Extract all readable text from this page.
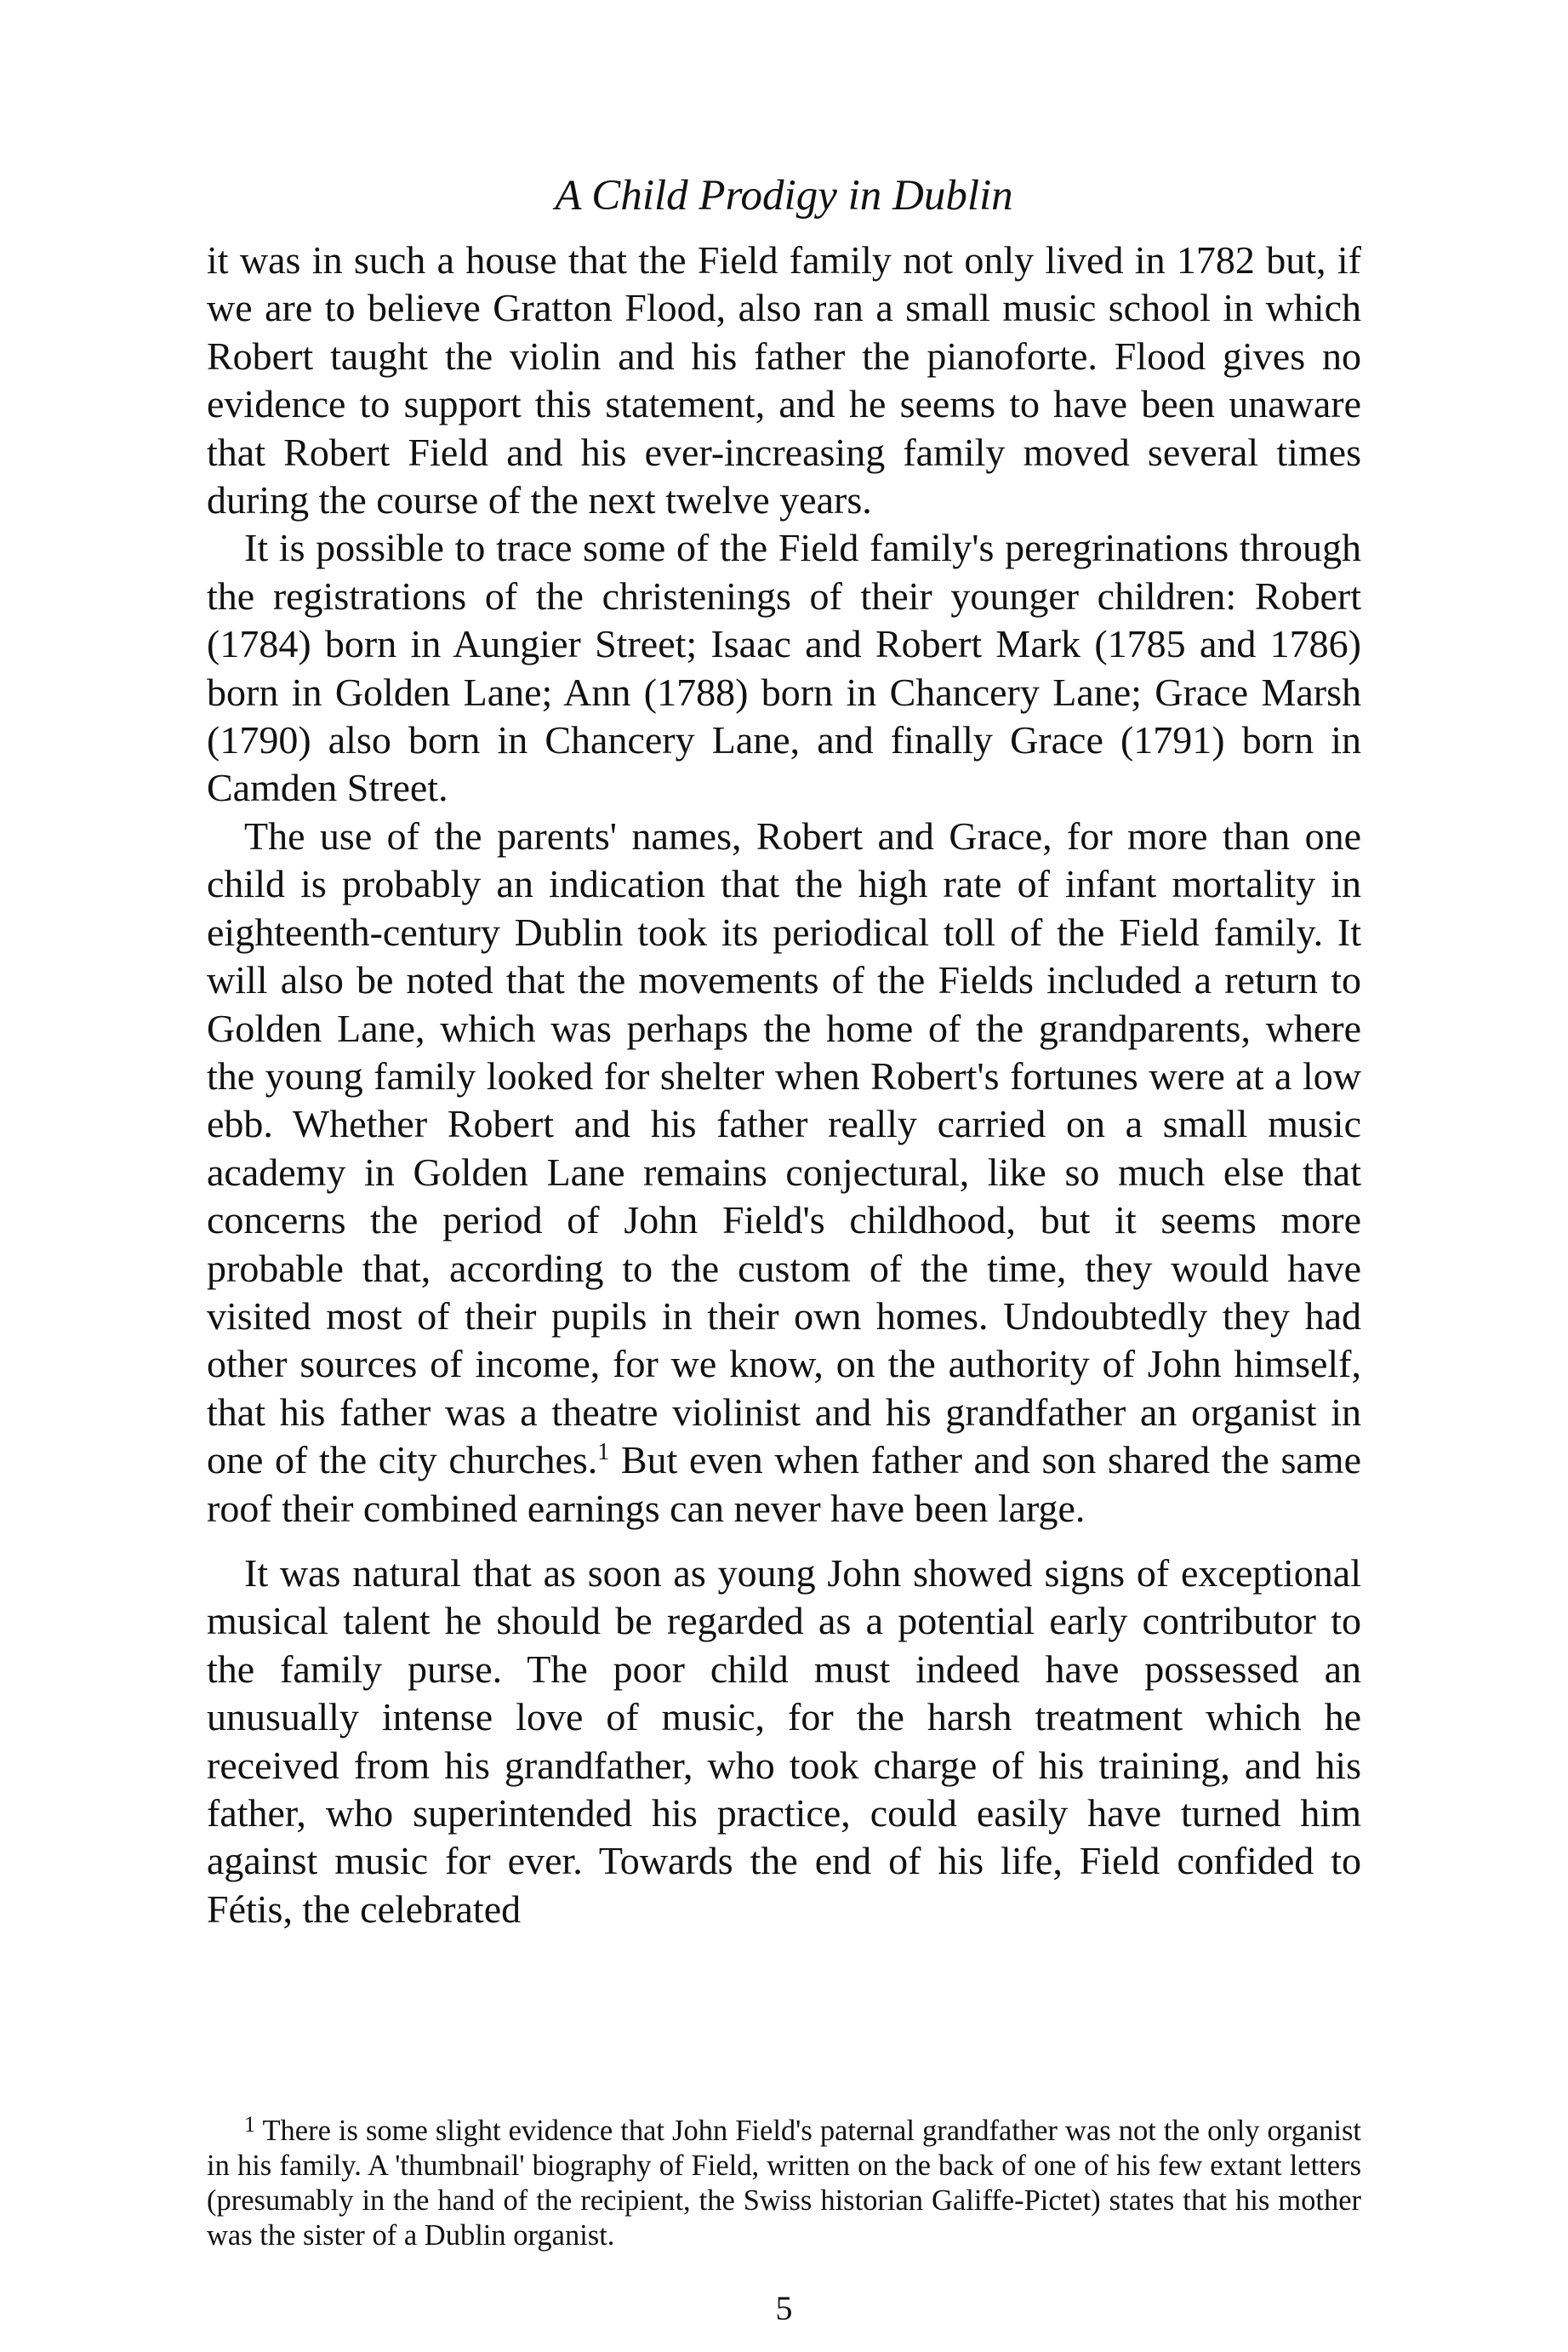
A Child Prodigy in Dublin

it was in such a house that the Field family not only lived in 1782 but, if we are to believe Gratton Flood, also ran a small music school in which Robert taught the violin and his father the pianoforte. Flood gives no evidence to support this statement, and he seems to have been unaware that Robert Field and his ever-increasing family moved several times during the course of the next twelve years.

It is possible to trace some of the Field family's peregrinations through the registrations of the christenings of their younger children: Robert (1784) born in Aungier Street; Isaac and Robert Mark (1785 and 1786) born in Golden Lane; Ann (1788) born in Chancery Lane; Grace Marsh (1790) also born in Chancery Lane, and finally Grace (1791) born in Camden Street.

The use of the parents' names, Robert and Grace, for more than one child is probably an indication that the high rate of infant mortality in eighteenth-century Dublin took its periodical toll of the Field family. It will also be noted that the movements of the Fields included a return to Golden Lane, which was perhaps the home of the grandparents, where the young family looked for shelter when Robert's fortunes were at a low ebb. Whether Robert and his father really carried on a small music academy in Golden Lane remains conjectural, like so much else that concerns the period of John Field's childhood, but it seems more probable that, according to the custom of the time, they would have visited most of their pupils in their own homes. Undoubtedly they had other sources of income, for we know, on the authority of John himself, that his father was a theatre violinist and his grandfather an organist in one of the city churches.$^1$ But even when father and son shared the same roof their combined earnings can never have been large.

It was natural that as soon as young John showed signs of exceptional musical talent he should be regarded as a potential early contributor to the family purse. The poor child must indeed have possessed an unusually intense love of music, for the harsh treatment which he received from his grandfather, who took charge of his training, and his father, who superintended his practice, could easily have turned him against music for ever. Towards the end of his life, Field confided to Fétis, the celebrated

$^1$ There is some slight evidence that John Field's paternal grandfather was not the only organist in his family. A 'thumbnail' biography of Field, written on the back of one of his few extant letters (presumably in the hand of the recipient, the Swiss historian Galiffe-Pictet) states that his mother was the sister of a Dublin organist.

5
